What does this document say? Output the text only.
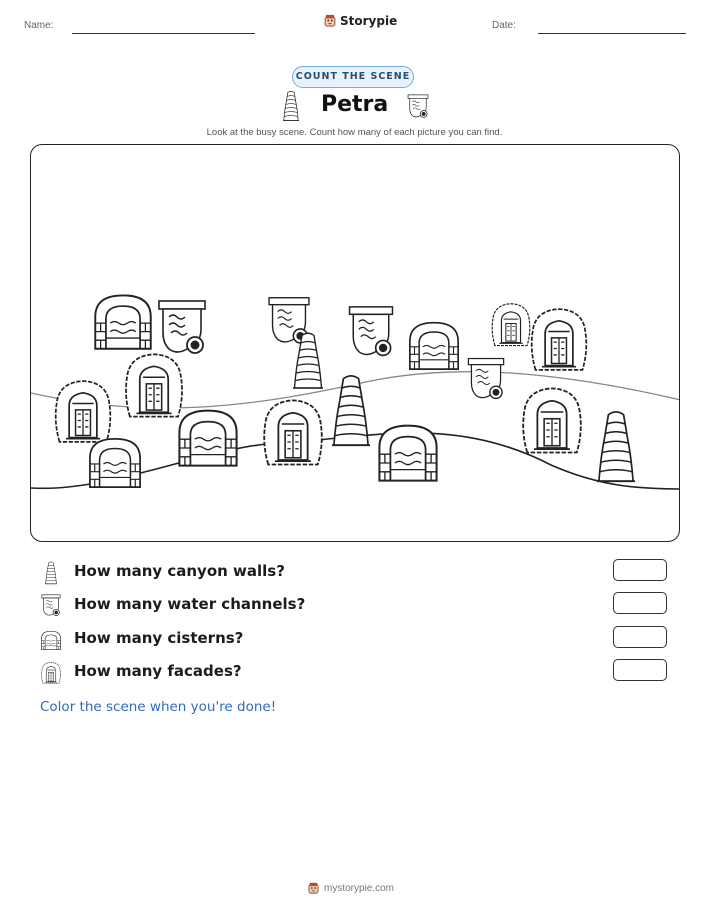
Name:	Storypie	Date:
COUNT THE SCENE
Petra
Look at the busy scene. Count how many of each picture you can find.
How many canyon walls?
How many water channels?
How many cisterns?
How many facades?
Color the scene when you're done!
mystorypie.com
